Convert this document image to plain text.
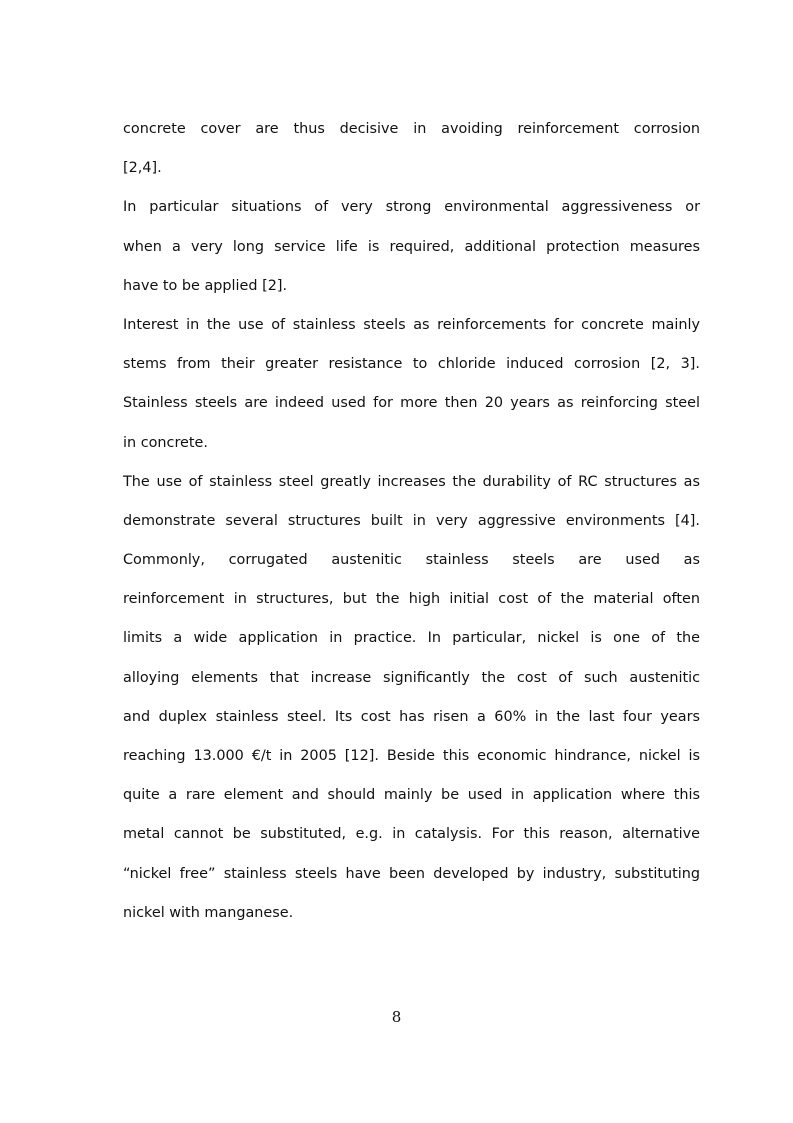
concrete cover are thus decisive in avoiding reinforcement corrosion
[2,4].
In particular situations of very strong environmental aggressiveness or
when a very long service life is required, additional protection measures
have to be applied [2].
Interest in the use of stainless steels as reinforcements for concrete mainly
stems from their greater resistance to chloride induced corrosion [2, 3].
Stainless steels are indeed used for more then 20 years as reinforcing steel
in concrete.
The use of stainless steel greatly increases the durability of RC structures as
demonstrate several structures built in very aggressive environments [4].
Commonly, corrugated austenitic stainless steels are used as
reinforcement in structures, but the high initial cost of the material often
limits a wide application in practice. In particular, nickel is one of the
alloying elements that increase significantly the cost of such austenitic
and duplex stainless steel. Its cost has risen a 60% in the last four years
reaching 13.000 €/t in 2005 [12]. Beside this economic hindrance, nickel is
quite a rare element and should mainly be used in application where this
metal cannot be substituted, e.g. in catalysis. For this reason, alternative
“nickel free” stainless steels have been developed by industry, substituting
nickel with manganese.
8
